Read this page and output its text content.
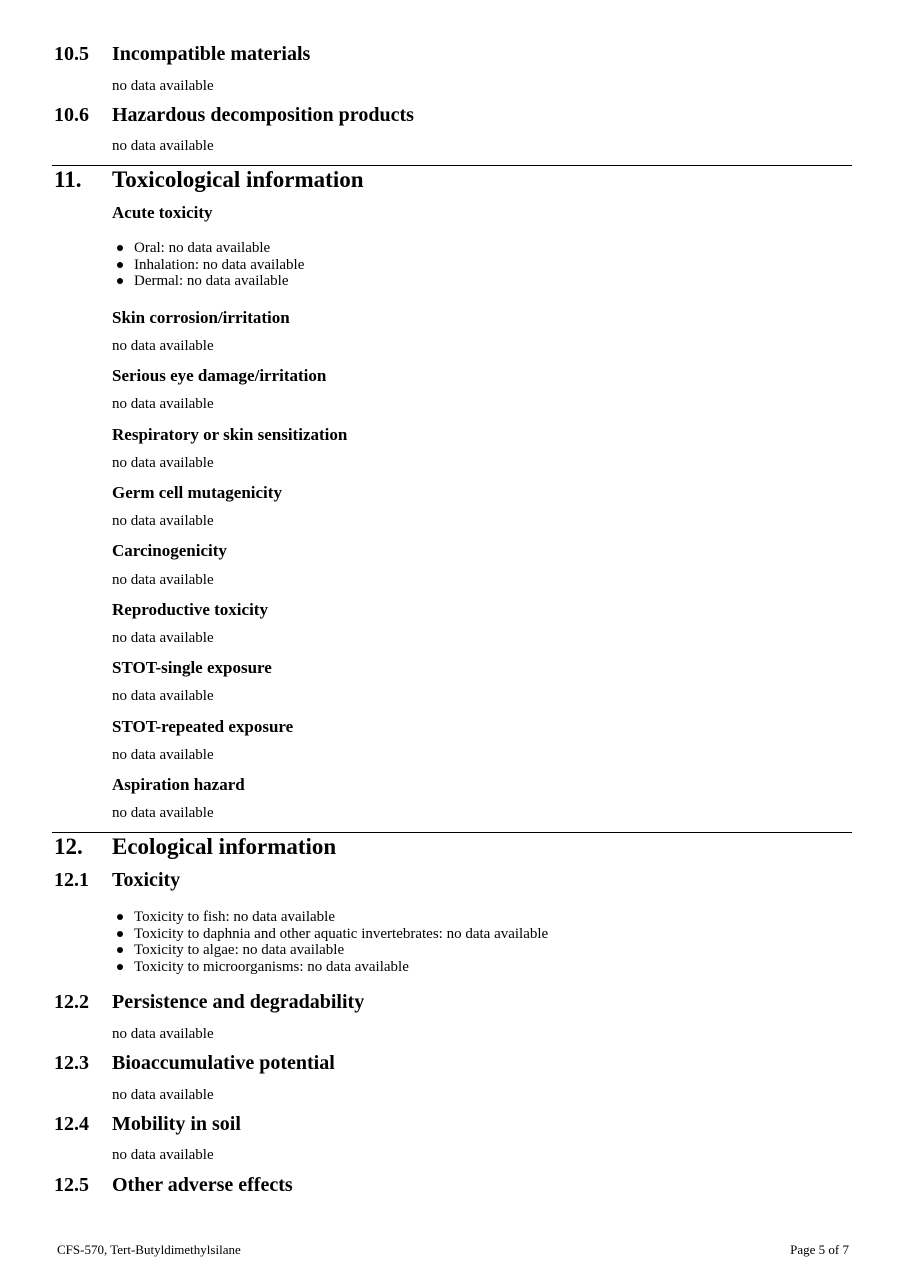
10.5 Incompatible materials
no data available
10.6 Hazardous decomposition products
no data available
11. Toxicological information
Acute toxicity
Oral: no data available
Inhalation: no data available
Dermal: no data available
Skin corrosion/irritation
no data available
Serious eye damage/irritation
no data available
Respiratory or skin sensitization
no data available
Germ cell mutagenicity
no data available
Carcinogenicity
no data available
Reproductive toxicity
no data available
STOT-single exposure
no data available
STOT-repeated exposure
no data available
Aspiration hazard
no data available
12. Ecological information
12.1 Toxicity
Toxicity to fish: no data available
Toxicity to daphnia and other aquatic invertebrates: no data available
Toxicity to algae: no data available
Toxicity to microorganisms: no data available
12.2 Persistence and degradability
no data available
12.3 Bioaccumulative potential
no data available
12.4 Mobility in soil
no data available
12.5 Other adverse effects
CFS-570, Tert-Butyldimethylsilane	Page 5 of 7
